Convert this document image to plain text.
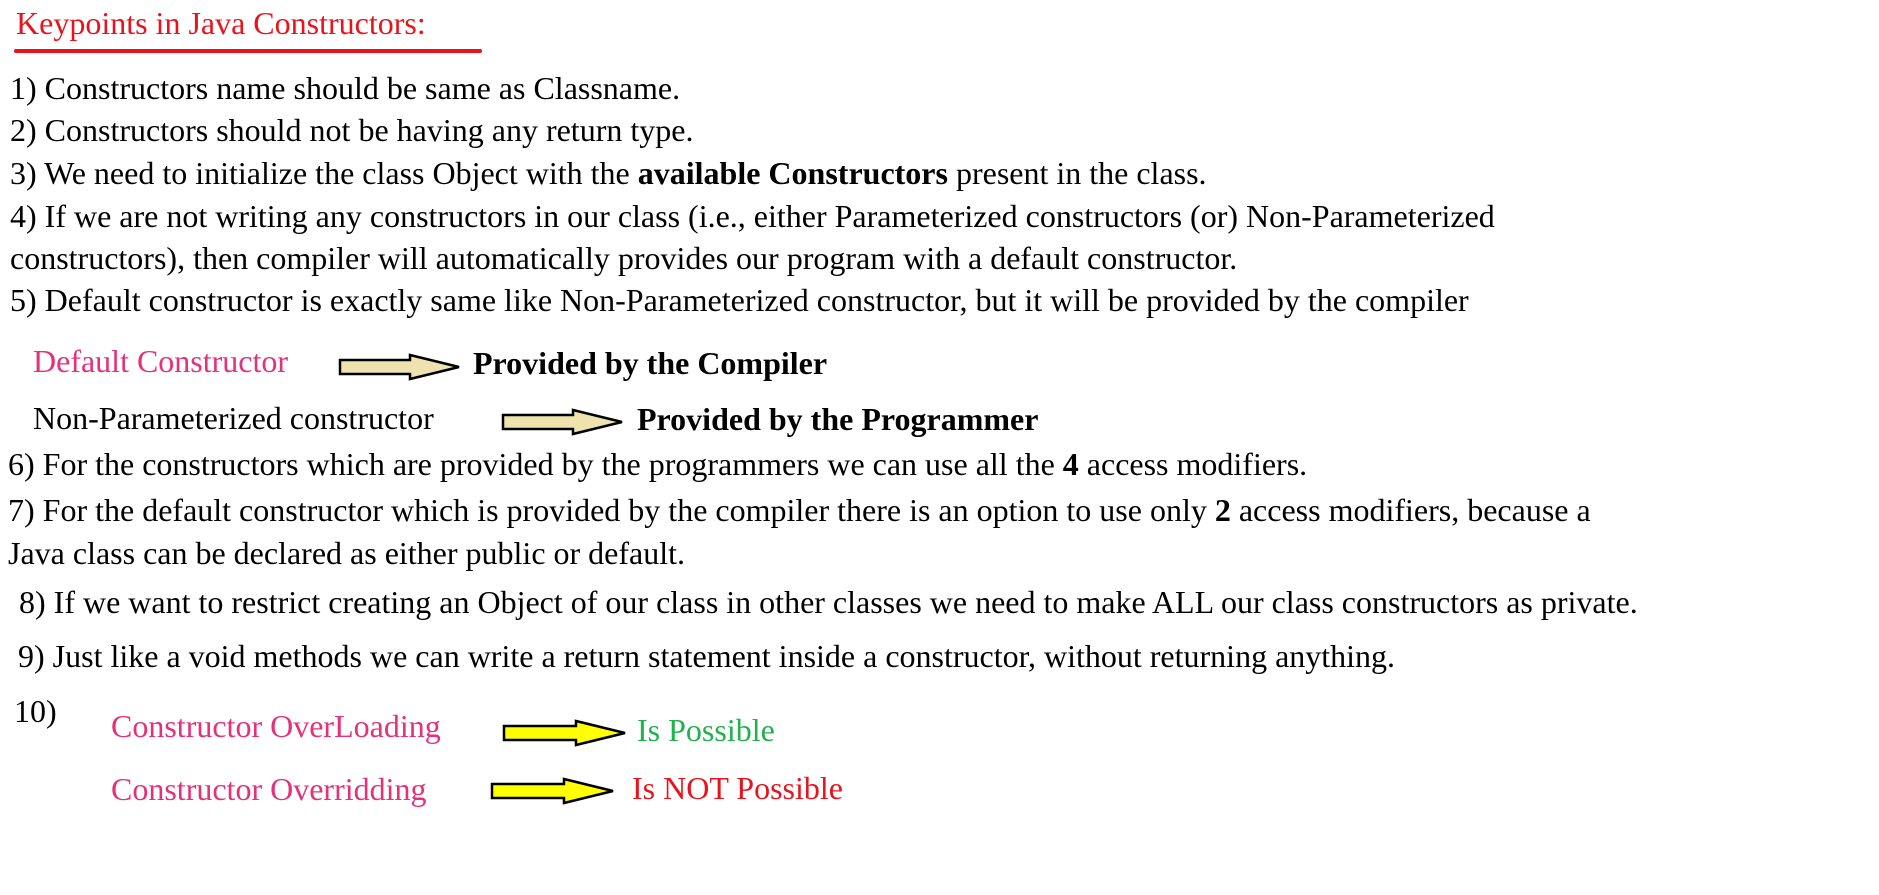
Keypoints in Java Constructors:
1) Constructors name should be same as Classname.
2) Constructors should not be having any return type.
3) We need to initialize the class Object with the available Constructors present in the class.
4) If we are not writing any constructors in our class (i.e., either Parameterized constructors (or) Non-Parameterized
constructors), then compiler will automatically provides our program with a default constructor.
5) Default constructor is exactly same like Non-Parameterized constructor, but it will be provided by the compiler
Default Constructor	Provided by the Compiler
Non-Parameterized constructor	Provided by the Programmer
6) For the constructors which are provided by the programmers we can use all the 4 access modifiers.
7) For the default constructor which is provided by the compiler there is an option to use only 2 access modifiers, because a
Java class can be declared as either public or default.
8) If we want to restrict creating an Object of our class in other classes we need to make ALL our class constructors as private.
9) Just like a void methods we can write a return statement inside a constructor, without returning anything.
10) Constructor OverLoading	Is Possible
Constructor Overridding	Is NOT Possible
